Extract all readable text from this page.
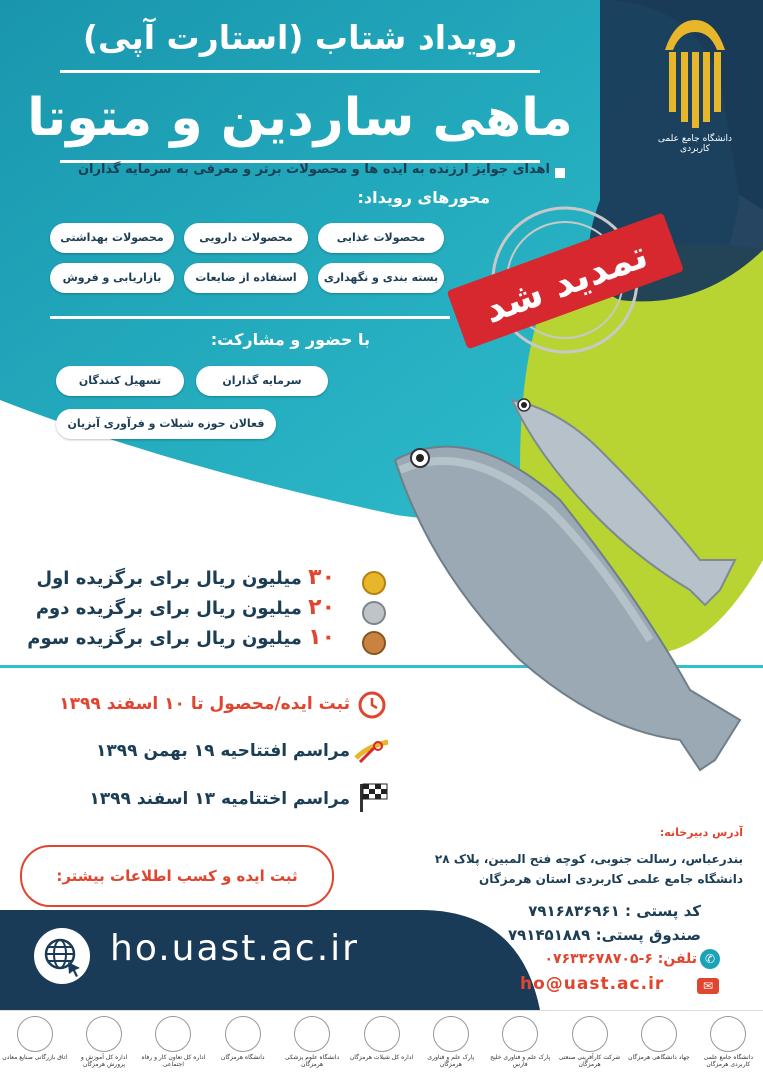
دانشگاه جامع علمی کاربردی
رویداد شتاب (استارت آپی)
ماهی ساردین و متوتا
اهدای جوایز ارزنده به ایده ها و محصولات برتر و معرفی به سرمایه گذاران
محورهای رویداد:
محصولات غذایی
محصولات دارویی
محصولات بهداشتی
بسته بندی و نگهداری
استفاده از ضایعات
بازاریابی و فروش
با حضور و مشارکت:
سرمایه گذاران
تسهیل کنندگان
فعالان حوزه شیلات و فرآوری آبزیان
تمدید شد
۳۰ میلیون ریال برای برگزیده اول
۲۰ میلیون ریال برای برگزیده دوم
۱۰ میلیون ریال برای برگزیده سوم
ثبت ایده/محصول تا ۱۰ اسفند ۱۳۹۹
مراسم افتتاحیه ۱۹ بهمن ۱۳۹۹
مراسم اختتامیه ۱۳ اسفند ۱۳۹۹
ثبت ایده و کسب اطلاعات بیشتر:
آدرس دبیرخانه:
بندرعباس، رسالت جنوبی، کوچه فتح المبین، پلاک ۲۸
دانشگاه جامع علمی کاربردی استان هرمزگان
کد پستی : ۷۹۱۶۸۳۶۹۶۱
صندوق پستی: ۷۹۱۴۵۱۸۸۹
✆
تلفن: ۶-۰۷۶۳۳۶۷۸۷۰۵
✉
ho@uast.ac.ir
ho.uast.ac.ir
دانشگاه جامع علمی کاربردی هرمزگان
جهاد دانشگاهی هرمزگان
شرکت کارآفرینی صنعتی هرمزگان
پارک علم و فناوری خلیج فارس
پارک علم و فناوری هرمزگان
اداره کل شیلات هرمزگان
دانشگاه علوم پزشکی هرمزگان
دانشگاه هرمزگان
اداره کل تعاون کار و رفاه اجتماعی
اداره کل آموزش و پرورش هرمزگان
اتاق بازرگانی صنایع معادن
